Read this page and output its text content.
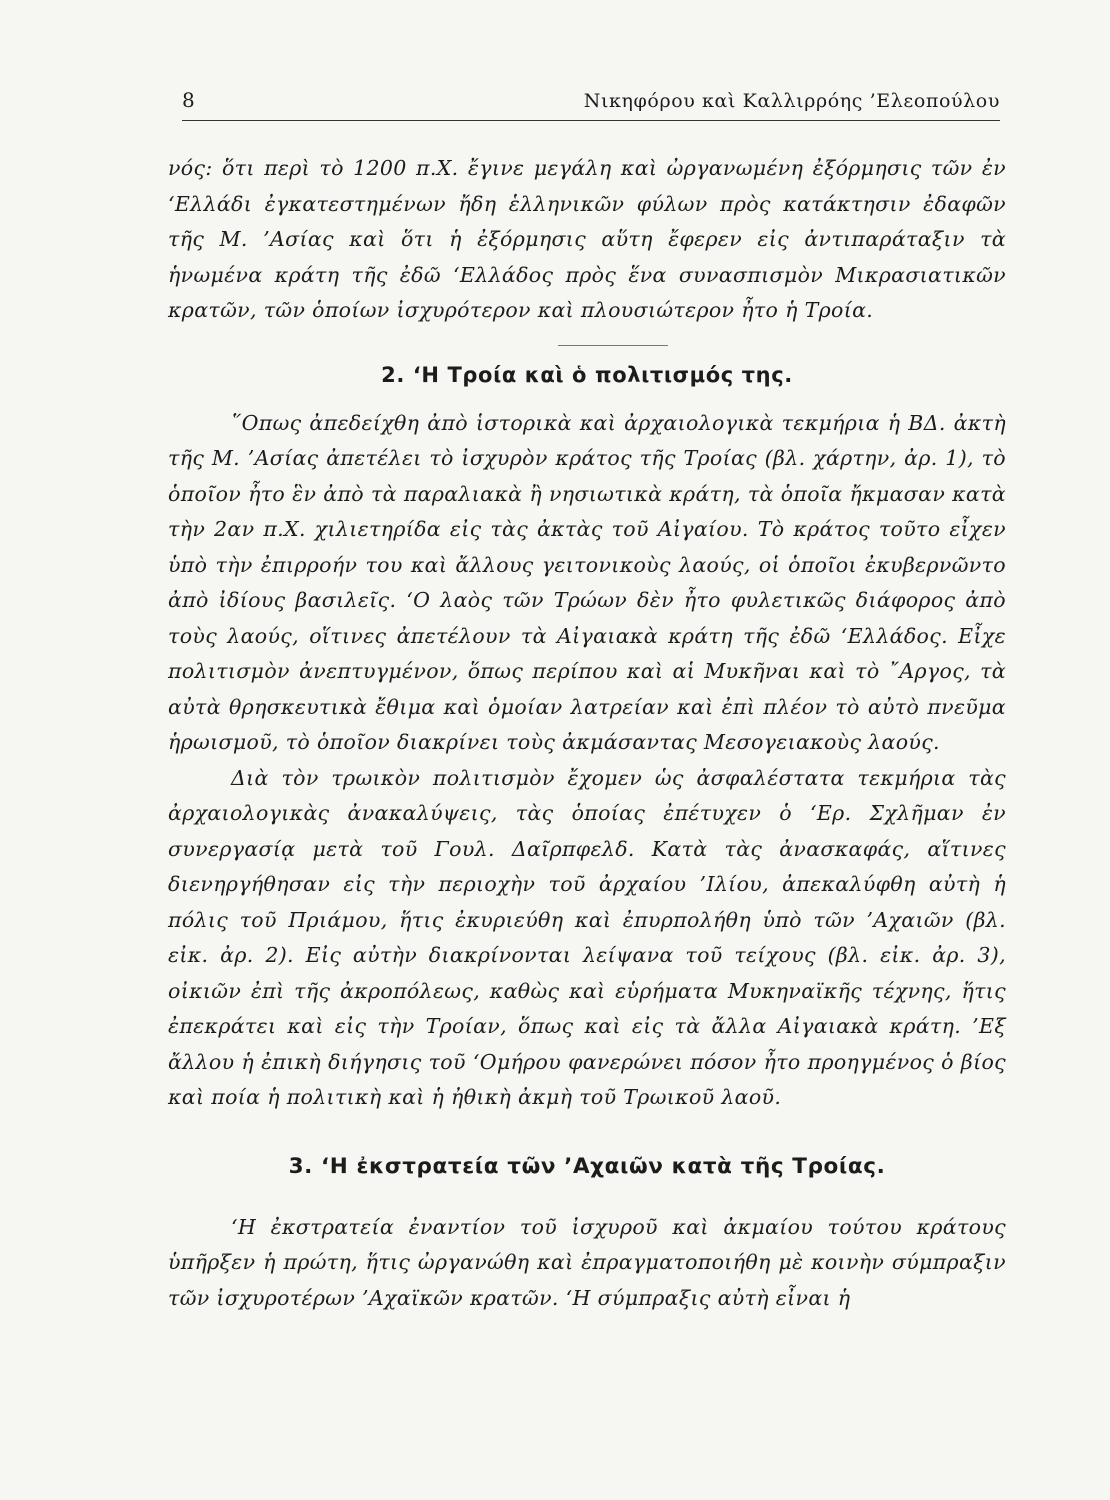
8	Νικηφόρου καὶ Καλλιρρόης ’Ελεοπούλου

νός: ὅτι περὶ τὸ 1200 π.Χ. ἔγινε μεγάλη καὶ ὠργανωμένη ἐξόρμησις τῶν ἐν ‘Ελλάδι ἐγκατεστημένων ἤδη ἑλληνικῶν φύλων πρὸς κατάκτησιν ἐδαφῶν τῆς Μ. ’Ασίας καὶ ὅτι ἡ ἐξόρμησις αὕτη ἔφερεν εἰς ἀντιπαράταξιν τὰ ἡνωμένα κράτη τῆς ἐδῶ ‘Ελλάδος πρὸς ἕνα συνασπισμὸν Μικρασιατικῶν κρατῶν, τῶν ὁποίων ἰσχυρότερον καὶ πλουσιώτερον ἦτο ἡ Τροία.

2. ‘Η Τροία καὶ ὁ πολιτισμός της.

῞Οπως ἀπεδείχθη ἀπὸ ἱστορικὰ καὶ ἀρχαιολογικὰ τεκμήρια ἡ ΒΔ. ἀκτὴ τῆς Μ. ’Ασίας ἀπετέλει τὸ ἰσχυρὸν κράτος τῆς Τροίας (βλ. χάρτην, ἀρ. 1), τὸ ὁποῖον ἦτο ἓν ἀπὸ τὰ παραλιακὰ ἢ νησιωτικὰ κράτη, τὰ ὁποῖα ἤκμασαν κατὰ τὴν 2αν π.Χ. χιλιετηρίδα εἰς τὰς ἀκτὰς τοῦ Αἰγαίου. Τὸ κράτος τοῦτο εἶχεν ὑπὸ τὴν ἐπιρροήν του καὶ ἄλλους γειτονικοὺς λαούς, οἱ ὁποῖοι ἐκυβερνῶντο ἀπὸ ἰδίους βασιλεῖς. ‘Ο λαὸς τῶν Τρώων δὲν ἦτο φυλετικῶς διάφορος ἀπὸ τοὺς λαούς, οἵτινες ἀπετέλουν τὰ Αἰγαιακὰ κράτη τῆς ἐδῶ ‘Ελλάδος. Εἶχε πολιτισμὸν ἀνεπτυγμένον, ὅπως περίπου καὶ αἱ Μυκῆναι καὶ τὸ ῎Αργος, τὰ αὐτὰ θρησκευτικὰ ἔθιμα καὶ ὁμοίαν λατρείαν καὶ ἐπὶ πλέον τὸ αὐτὸ πνεῦμα ἡρωισμοῦ, τὸ ὁποῖον διακρίνει τοὺς ἀκμάσαντας Μεσογειακοὺς λαούς.

Διὰ τὸν τρωικὸν πολιτισμὸν ἔχομεν ὡς ἀσφαλέστατα τεκμήρια τὰς ἀρχαιολογικὰς ἀνακαλύψεις, τὰς ὁποίας ἐπέτυχεν ὁ ‘Ερ. Σχλῆμαν ἐν συνεργασίᾳ μετὰ τοῦ Γουλ. Δαῖρπφελδ. Κατὰ τὰς ἀνασκαφάς, αἵτινες διενηργήθησαν εἰς τὴν περιοχὴν τοῦ ἀρχαίου ’Ιλίου, ἀπεκαλύφθη αὐτὴ ἡ πόλις τοῦ Πριάμου, ἥτις ἐκυριεύθη καὶ ἐπυρπολήθη ὑπὸ τῶν ’Αχαιῶν (βλ. εἰκ. ἀρ. 2). Εἰς αὐτὴν διακρίνονται λείψανα τοῦ τείχους (βλ. εἰκ. ἀρ. 3), οἰκιῶν ἐπὶ τῆς ἀκροπόλεως, καθὼς καὶ εὑρήματα Μυκηναϊκῆς τέχνης, ἥτις ἐπεκράτει καὶ εἰς τὴν Τροίαν, ὅπως καὶ εἰς τὰ ἄλλα Αἰγαιακὰ κράτη. ’Εξ ἄλλου ἡ ἐπικὴ διήγησις τοῦ ‘Ομήρου φανερώνει πόσον ἦτο προηγμένος ὁ βίος καὶ ποία ἡ πολιτικὴ καὶ ἡ ἠθικὴ ἀκμὴ τοῦ Τρωικοῦ λαοῦ.

3. ‘Η ἐκστρατεία τῶν ’Αχαιῶν κατὰ τῆς Τροίας.

‘Η ἐκστρατεία ἐναντίον τοῦ ἰσχυροῦ καὶ ἀκμαίου τούτου κράτους ὑπῆρξεν ἡ πρώτη, ἥτις ὠργανώθη καὶ ἐπραγματοποιήθη μὲ κοινὴν σύμπραξιν τῶν ἰσχυροτέρων ’Αχαϊκῶν κρατῶν. ‘Η σύμπραξις αὐτὴ εἶναι ἡ
